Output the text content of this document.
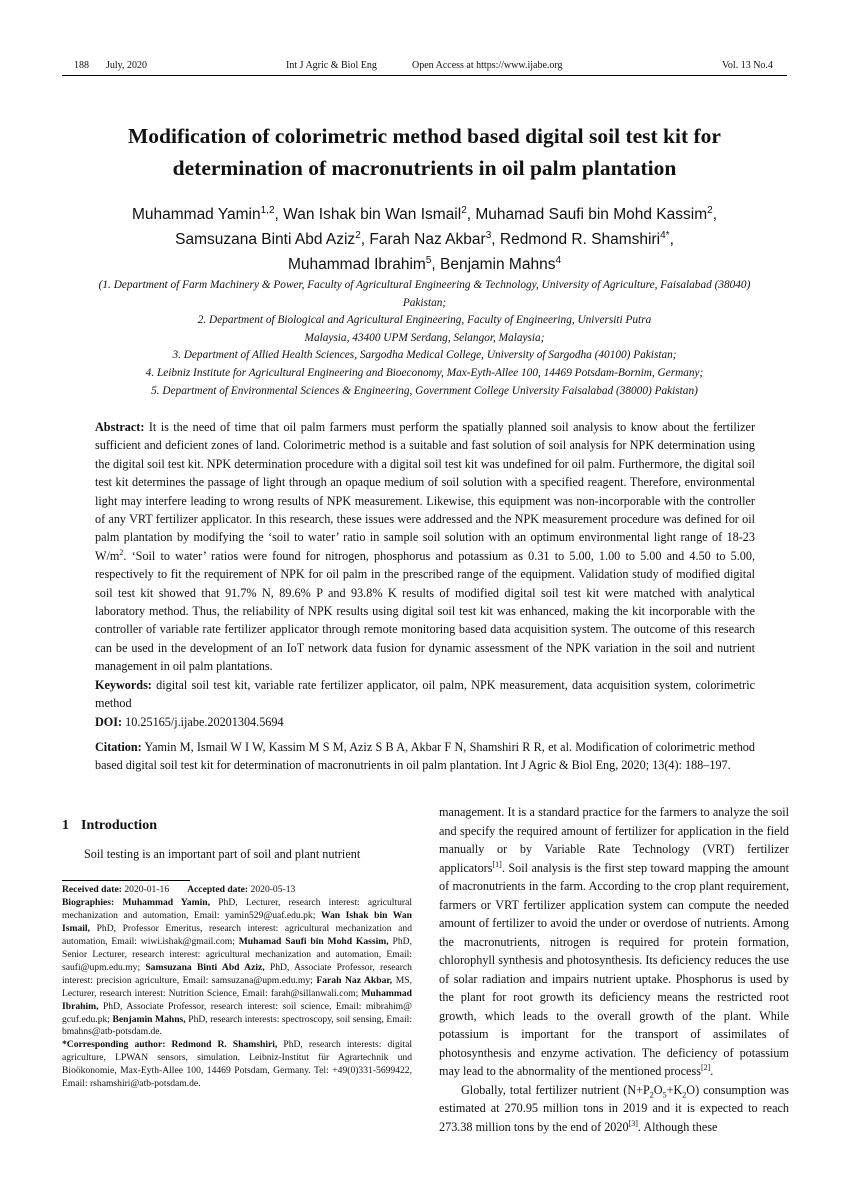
188 July, 2020	Int J Agric & Biol Eng	Open Access at https://www.ijabe.org	Vol. 13 No.4
Modification of colorimetric method based digital soil test kit for determination of macronutrients in oil palm plantation
Muhammad Yamin$^{1,2}$, Wan Ishak bin Wan Ismail$^2$, Muhamad Saufi bin Mohd Kassim$^2$,
Samsuzana Binti Abd Aziz$^2$, Farah Naz Akbar$^3$, Redmond R. Shamshiri$^{4*}$,
Muhammad Ibrahim$^5$, Benjamin Mahns$^4$
(1. Department of Farm Machinery & Power, Faculty of Agricultural Engineering & Technology, University of Agriculture, Faisalabad (38040) Pakistan;
2. Department of Biological and Agricultural Engineering, Faculty of Engineering, Universiti Putra Malaysia, 43400 UPM Serdang, Selangor, Malaysia;
3. Department of Allied Health Sciences, Sargodha Medical College, University of Sargodha (40100) Pakistan;
4. Leibniz Institute for Agricultural Engineering and Bioeconomy, Max-Eyth-Allee 100, 14469 Potsdam-Bornim, Germany;
5. Department of Environmental Sciences & Engineering, Government College University Faisalabad (38000) Pakistan)

Abstract: It is the need of time that oil palm farmers must perform the spatially planned soil analysis to know about the fertilizer sufficient and deficient zones of land. Colorimetric method is a suitable and fast solution of soil analysis for NPK determination using the digital soil test kit. NPK determination procedure with a digital soil test kit was undefined for oil palm. Furthermore, the digital soil test kit determines the passage of light through an opaque medium of soil solution with a specified reagent. Therefore, environmental light may interfere leading to wrong results of NPK measurement. Likewise, this equipment was non-incorporable with the controller of any VRT fertilizer applicator. In this research, these issues were addressed and the NPK measurement procedure was defined for oil palm plantation by modifying the ‘soil to water’ ratio in sample soil solution with an optimum environmental light range of 18-23 $W/m^2$. ‘Soil to water’ ratios were found for nitrogen, phosphorus and potassium as 0.31 to 5.00, 1.00 to 5.00 and 4.50 to 5.00, respectively to fit the requirement of NPK for oil palm in the prescribed range of the equipment. Validation study of modified digital soil test kit showed that 91.7% N, 89.6% P and 93.8% K results of modified digital soil test kit were matched with analytical laboratory method. Thus, the reliability of NPK results using digital soil test kit was enhanced, making the kit incorporable with the controller of variable rate fertilizer applicator through remote monitoring based data acquisition system. The outcome of this research can be used in the development of an IoT network data fusion for dynamic assessment of the NPK variation in the soil and nutrient management in oil palm plantations.

Keywords: digital soil test kit, variable rate fertilizer applicator, oil palm, NPK measurement, data acquisition system, colorimetric method

DOI: 10.25165/j.ijabe.20201304.5694

Citation: Yamin M, Ismail W I W, Kassim M S M, Aziz S B A, Akbar F N, Shamshiri R R, et al. Modification of colorimetric method based digital soil test kit for determination of macronutrients in oil palm plantation. Int J Agric & Biol Eng, 2020; 13(4): 188–197.
1 Introduction
Soil testing is an important part of soil and plant nutrient

Received date: 2020-01-16 Accepted date: 2020-05-13

Biographies: Muhammad Yamin, PhD, Lecturer, research interest: agricultural mechanization and automation, Email: yamin529@uaf.edu.pk; Wan Ishak bin Wan Ismail, PhD, Professor Emeritus, research interest: agricultural mechanization and automation, Email: wiwi.ishak@gmail.com; Muhamad Saufi bin Mohd Kassim, PhD, Senior Lecturer, research interest: agricultural mechanization and automation, Email: saufi@upm.edu.my; Samsuzana Binti Abd Aziz, PhD, Associate Professor, research interest: precision agriculture, Email: samsuzana@upm.edu.my; Farah Naz Akbar, MS, Lecturer, research interest: Nutrition Science, Email: farah@sillanwali.com; Muhammad Ibrahim, PhD, Associate Professor, research interest: soil science, Email: mibrahim@ gcuf.edu.pk; Benjamin Mahns, PhD, research interests: spectroscopy, soil sensing, Email: bmahns@atb-potsdam.de.

*Corresponding author: Redmond R. Shamshiri, PhD, research interests: digital agriculture, LPWAN sensors, simulation. Leibniz-Institut für Agrartechnik und Bioökonomie, Max-Eyth-Allee 100, 14469 Potsdam, Germany. Tel: +49(0)331-5699422, Email: rshamshiri@atb-potsdam.de.

management. It is a standard practice for the farmers to analyze the soil and specify the required amount of fertilizer for application in the field manually or by Variable Rate Technology (VRT) fertilizer applicators[1]. Soil analysis is the first step toward mapping the amount of macronutrients in the farm. According to the crop plant requirement, farmers or VRT fertilizer application system can compute the needed amount of fertilizer to avoid the under or overdose of nutrients. Among the macronutrients, nitrogen is required for protein formation, chlorophyll synthesis and photosynthesis. Its deficiency reduces the use of solar radiation and impairs nutrient uptake. Phosphorus is used by the plant for root growth its deficiency means the restricted root growth, which leads to the overall growth of the plant. While potassium is important for the transport of assimilates of photosynthesis and enzyme activation. The deficiency of potassium may lead to the abnormality of the mentioned process[2].

Globally, total fertilizer nutrient $(N+P_2O_5+K_2O)$ consumption was estimated at 270.95 million tons in 2019 and it is expected to reach 273.38 million tons by the end of 2020[3]. Although these
